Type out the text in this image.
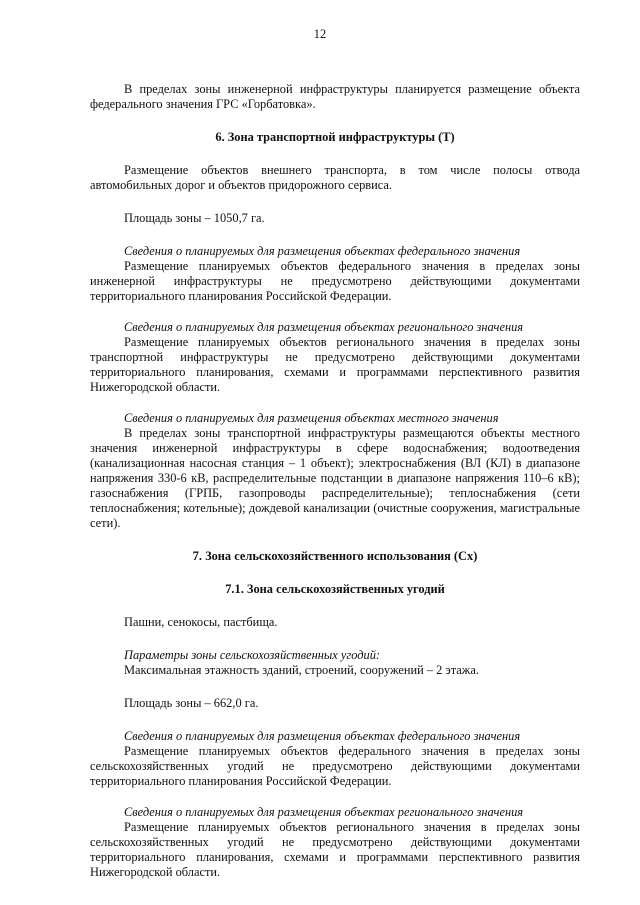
12

В пределах зоны инженерной инфраструктуры планируется размещение объекта федерального значения ГРС «Горбатовка».

6. Зона транспортной инфраструктуры (Т)

Размещение объектов внешнего транспорта, в том числе полосы отвода автомобильных дорог и объектов придорожного сервиса.

Площадь зоны – 1050,7 га.

Сведения о планируемых для размещения объектах федерального значения

Размещение планируемых объектов федерального значения в пределах зоны инженерной инфраструктуры не предусмотрено действующими документами территориального планирования Российской Федерации.

Сведения о планируемых для размещения объектах регионального значения

Размещение планируемых объектов регионального значения в пределах зоны транспортной инфраструктуры не предусмотрено действующими документами территориального планирования, схемами и программами перспективного развития Нижегородской области.

Сведения о планируемых для размещения объектах местного значения

В пределах зоны транспортной инфраструктуры размещаются объекты местного значения инженерной инфраструктуры в сфере водоснабжения; водоотведения (канализационная насосная станция – 1 объект); электроснабжения (ВЛ (КЛ) в диапазоне напряжения 330-6 кВ, распределительные подстанции в диапазоне напряжения 110–6 кВ); газоснабжения (ГРПБ, газопроводы распределительные); теплоснабжения (сети теплоснабжения; котельные); дождевой канализации (очистные сооружения, магистральные сети).

7. Зона сельскохозяйственного использования (Сх)

7.1. Зона сельскохозяйственных угодий

Пашни, сенокосы, пастбища.

Параметры зоны сельскохозяйственных угодий:

Максимальная этажность зданий, строений, сооружений – 2 этажа.

Площадь зоны – 662,0 га.

Сведения о планируемых для размещения объектах федерального значения

Размещение планируемых объектов федерального значения в пределах зоны сельскохозяйственных угодий не предусмотрено действующими документами территориального планирования Российской Федерации.

Сведения о планируемых для размещения объектах регионального значения

Размещение планируемых объектов регионального значения в пределах зоны сельскохозяйственных угодий не предусмотрено действующими документами территориального планирования, схемами и программами перспективного развития Нижегородской области.
